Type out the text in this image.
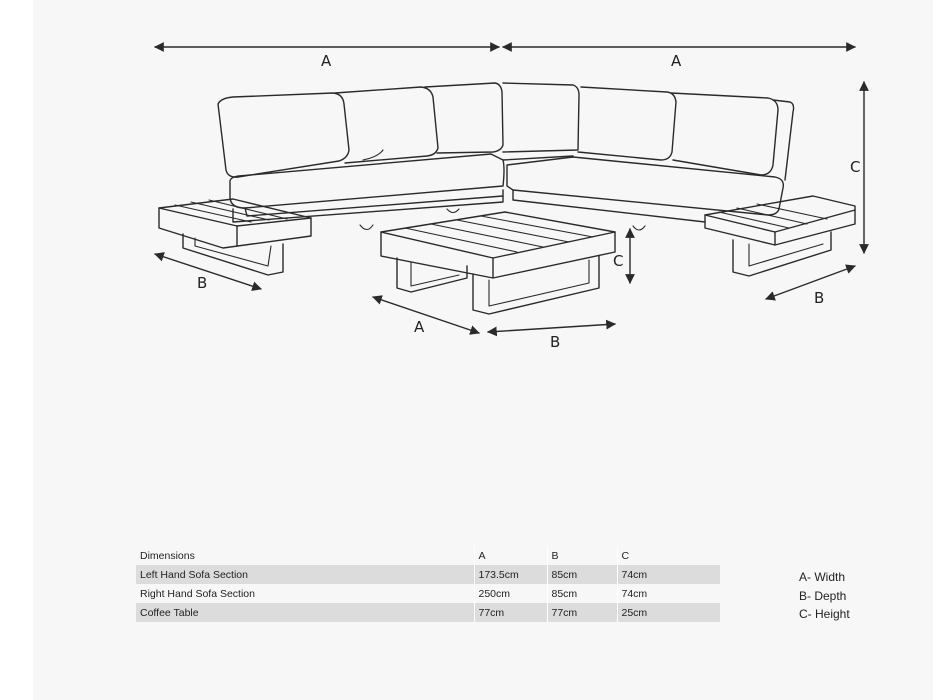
A	A
C
B
B
C
A
B
Dimensions	A	B	C
Left Hand Sofa Section	173.5cm	85cm	74cm
Right Hand Sofa Section	250cm	85cm	74cm
Coffee Table	77cm	77cm	25cm
A- Width
B- Depth
C- Height
